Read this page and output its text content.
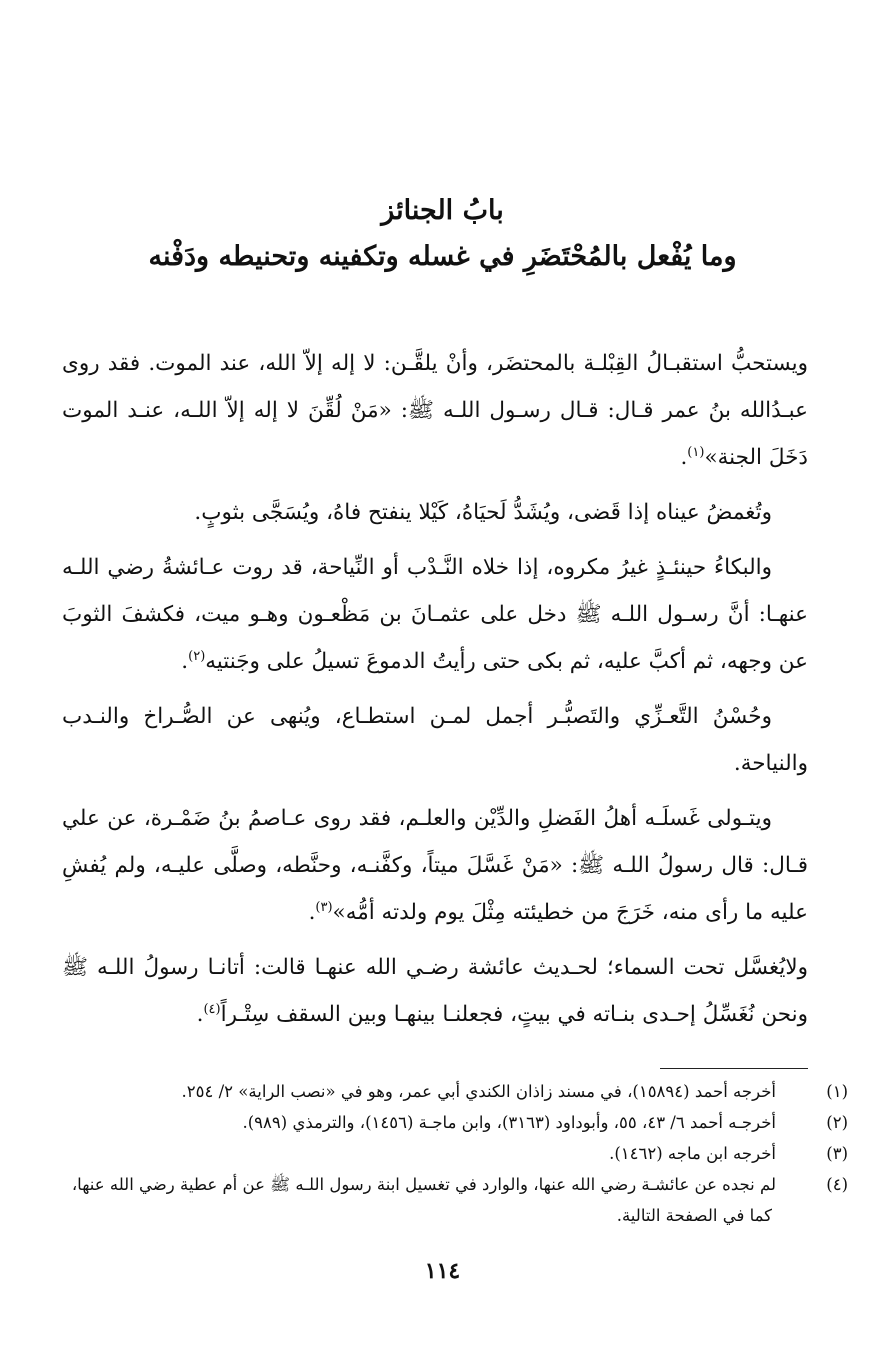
بابُ الجنائز
وما يُفْعل بالمُحْتَضَرِ في غسله وتكفينه وتحنيطه ودَفْنه

ويستحبُّ استقبـالُ القِبْلـة بالمحتضَر، وأنْ يلقَّـن: لا إله إلاّ الله، عند الموت. فقد روى عبـدُالله بنُ عمر قـال: قـال رسـول اللـه ﷺ: «مَنْ لُقِّنَ لا إله إلاّ اللـه، عنـد الموت دَخَلَ الجنة»$^{(١)}$.

وتُغمضُ عيناه إذا قَضى، ويُشَدُّ لَحيَاهُ، كَيْلا ينفتح فاهُ، ويُسَجَّى بثوبٍ.

والبكاءُ حينئـذٍ غيرُ مكروه، إذا خلاه النَّـدْب أو النِّياحة، قد روت عـائشةُ رضي اللـه عنهـا: أنَّ رسـول اللـه ﷺ دخل على عثمـانَ بن مَظْعـون وهـو ميت، فكشفَ الثوبَ عن وجهه، ثم أكبَّ عليه، ثم بكى حتى رأيتُ الدموعَ تسيلُ على وجَنتيه$^{(٢)}$.

وحُسْنُ التَّعـزِّي والتَصبُّـر أجمل لمـن استطـاع، ويُنهى عن الصُّـراخ والنـدب والنياحة.

ويتـولى غَسلَـه أهلُ الفَضلِ والدِّيْن والعلـم، فقد روى عـاصمُ بنُ ضَمْـرة، عن علي قـال: قال رسولُ اللـه ﷺ: «مَنْ غَسَّلَ ميتاً، وكفَّنـه، وحنَّطه، وصلَّى عليـه، ولم يُفشِ عليه ما رأى منه، خَرَجَ من خطيئته مِثْلَ يوم ولدته أمُّه»$^{(٣)}$.

ولايُغسَّل تحت السماء؛ لحـديث عائشة رضـي الله عنهـا قالت: أتانـا رسولُ اللـه ﷺ ونحن نُغَسِّلُ إحـدى بنـاته في بيتٍ، فجعلنـا بينهـا وبين السقف سِتْـراً$^{(٤)}$.

(١)أخرجه أحمد (١٥٨٩٤)، في مسند زاذان الكندي أبي عمر، وهو في «نصب الراية» ٢/ ٢٥٤.

(٢)أخرجـه أحمد ٦/ ٤٣، ٥٥، وأبوداود (٣١٦٣)، وابن ماجـة (١٤٥٦)، والترمذي (٩٨٩).

(٣)أخرجه ابن ماجه (١٤٦٢).

(٤)لم نجده عن عائشـة رضي الله عنها، والوارد في تغسيل ابنة رسول اللـه ﷺ عن أم عطية رضي الله عنها، كما في الصفحة التالية.

١١٤
